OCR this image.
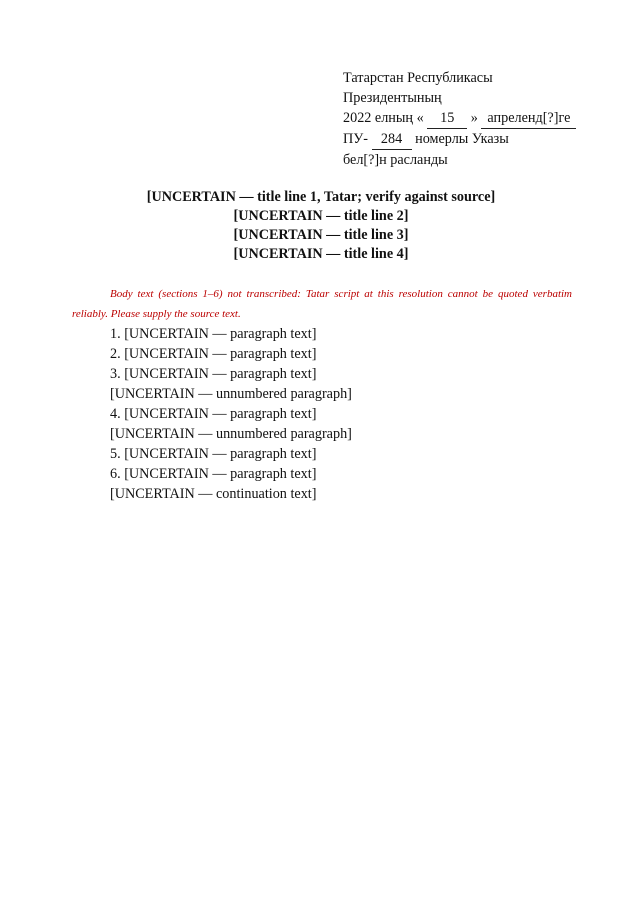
Татарстан Республикасы
Президентының
2022 елның « 15 » апреленд[?]ге
ПУ- 284 номерлы Указы
бел[?]н расланды
[UNCERTAIN — title line 1, Tatar; verify against source]
[UNCERTAIN — title line 2]
[UNCERTAIN — title line 3]
[UNCERTAIN — title line 4]

Body text (sections 1–6) not transcribed: Tatar script at this resolution cannot be quoted verbatim reliably. Please supply the source text.

1. [UNCERTAIN — paragraph text]

2. [UNCERTAIN — paragraph text]

3. [UNCERTAIN — paragraph text]

[UNCERTAIN — unnumbered paragraph]

4. [UNCERTAIN — paragraph text]

[UNCERTAIN — unnumbered paragraph]

5. [UNCERTAIN — paragraph text]

6. [UNCERTAIN — paragraph text]

[UNCERTAIN — continuation text]
